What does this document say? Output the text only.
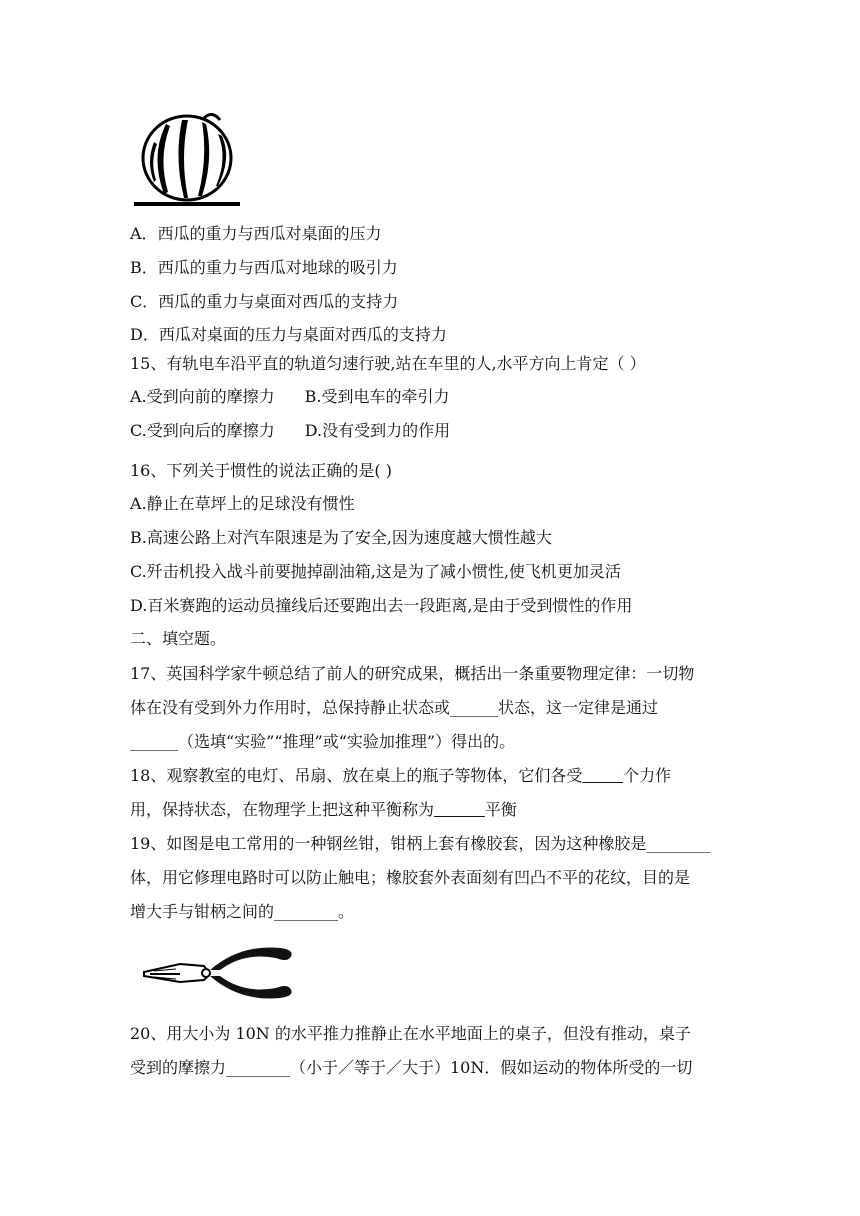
A．西瓜的重力与西瓜对桌面的压力
B．西瓜的重力与西瓜对地球的吸引力
C．西瓜的重力与桌面对西瓜的支持力
D．西瓜对桌面的压力与桌面对西瓜的支持力
15、有轨电车沿平直的轨道匀速行驶,站在车里的人,水平方向上肯定（ ）
A.受到向前的摩擦力 B.受到电车的牵引力
C.受到向后的摩擦力 D.没有受到力的作用
16、下列关于惯性的说法正确的是( )
A.静止在草坪上的足球没有惯性
B.高速公路上对汽车限速是为了安全,因为速度越大惯性越大
C.歼击机投入战斗前要抛掉副油箱,这是为了减小惯性,使飞机更加灵活
D.百米赛跑的运动员撞线后还要跑出去一段距离,是由于受到惯性的作用
二、填空题。
17、英国科学家牛顿总结了前人的研究成果，概括出一条重要物理定律：一切物
体在没有受到外力作用时，总保持静止状态或______状态，这一定律是通过
______（选填“实验”“推理”或“实验加推理”）得出的。
18、观察教室的电灯、吊扇、放在桌上的瓶子等物体，它们各受	个力作
用，保持状态，在物理学上把这种平衡称为	平衡
19、如图是电工常用的一种钢丝钳，钳柄上套有橡胶套，因为这种橡胶是________
体，用它修理电路时可以防止触电；橡胶套外表面刻有凹凸不平的花纹，目的是
增大手与钳柄之间的________。
20、用大小为 10N 的水平推力推静止在水平地面上的桌子，但没有推动，桌子
受到的摩擦力________（小于／等于／大于）10N．假如运动的物体所受的一切
